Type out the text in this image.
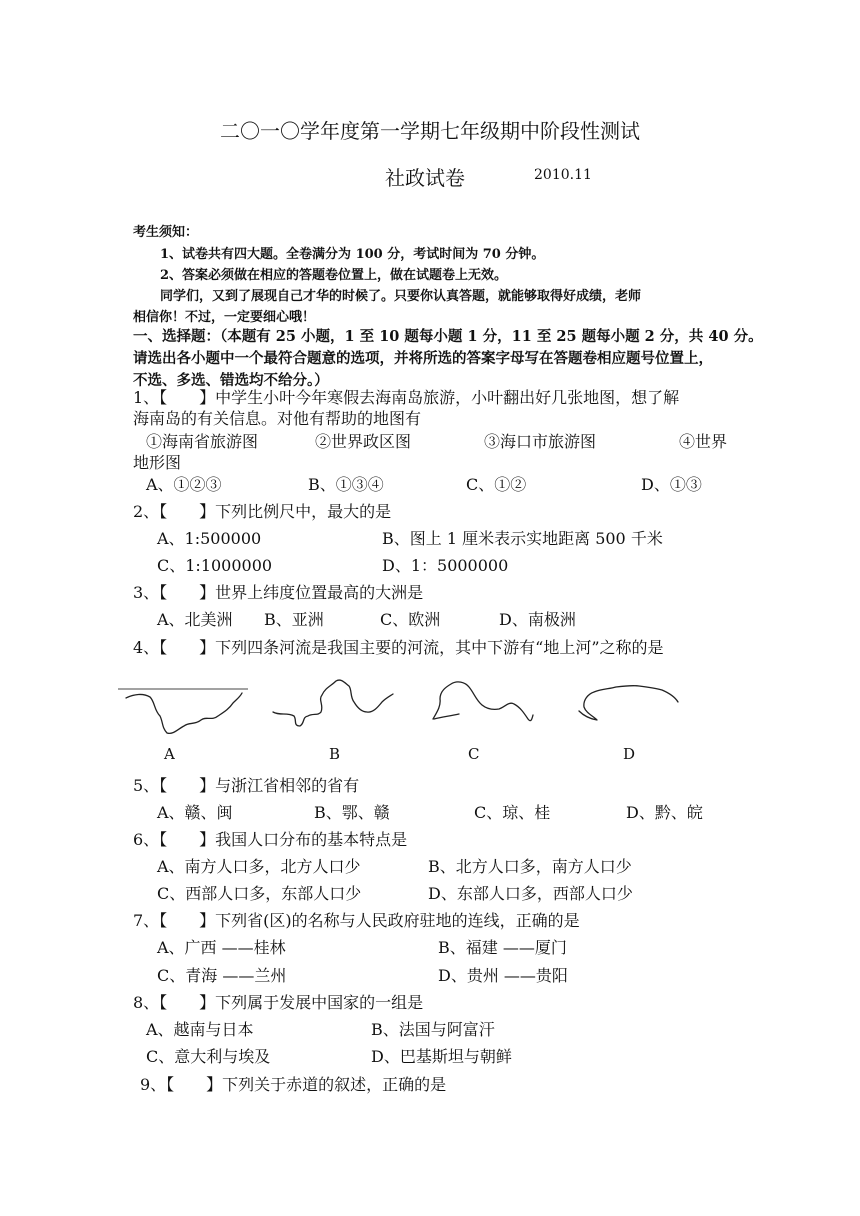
二〇一〇学年度第一学期七年级期中阶段性测试
社政试卷	2010.11
考生须知：
1、试卷共有四大题。全卷满分为 100 分，考试时间为 70 分钟。
2、答案必须做在相应的答题卷位置上，做在试题卷上无效。
同学们，又到了展现自己才华的时候了。只要你认真答题，就能够取得好成绩，老师
相信你！不过，一定要细心哦！
一、选择题：（本题有 25 小题，1 至 10 题每小题 1 分，11 至 25 题每小题 2 分，共 40 分。
请选出各小题中一个最符合题意的选项，并将所选的答案字母写在答题卷相应题号位置上，
不选、多选、错选均不给分。）
1、【　　】中学生小叶今年寒假去海南岛旅游，小叶翻出好几张地图，想了解
海南岛的有关信息。对他有帮助的地图有
①海南省旅游图	②世界政区图	③海口市旅游图	④世界
地形图
A、①②③	B、①③④	C、①②	D、①③
2、【　　】下列比例尺中，最大的是
A、1:500000	B、图上 1 厘米表示实地距离 500 千米
C、1:1000000	D、1：5000000
3、【　　】世界上纬度位置最高的大洲是
A、北美洲 B、亚洲	C、欧洲	D、南极洲
4、【　　】下列四条河流是我国主要的河流，其中下游有“地上河”之称的是
A	B	C	D
5、【　　】与浙江省相邻的省有
A、赣、闽	B、鄂、赣	C、琼、桂	D、黔、皖
6、【　　】我国人口分布的基本特点是
A、南方人口多，北方人口少	B、北方人口多，南方人口少
C、西部人口多，东部人口少	D、东部人口多，西部人口少
7、【　　】下列省(区)的名称与人民政府驻地的连线，正确的是
A、广西 ——桂林	B、福建 ——厦门
C、青海 ——兰州	D、贵州 ——贵阳
8、【　　】下列属于发展中国家的一组是
A、越南与日本	B、法国与阿富汗
C、意大利与埃及	D、巴基斯坦与朝鲜
9、【　　】下列关于赤道的叙述，正确的是
